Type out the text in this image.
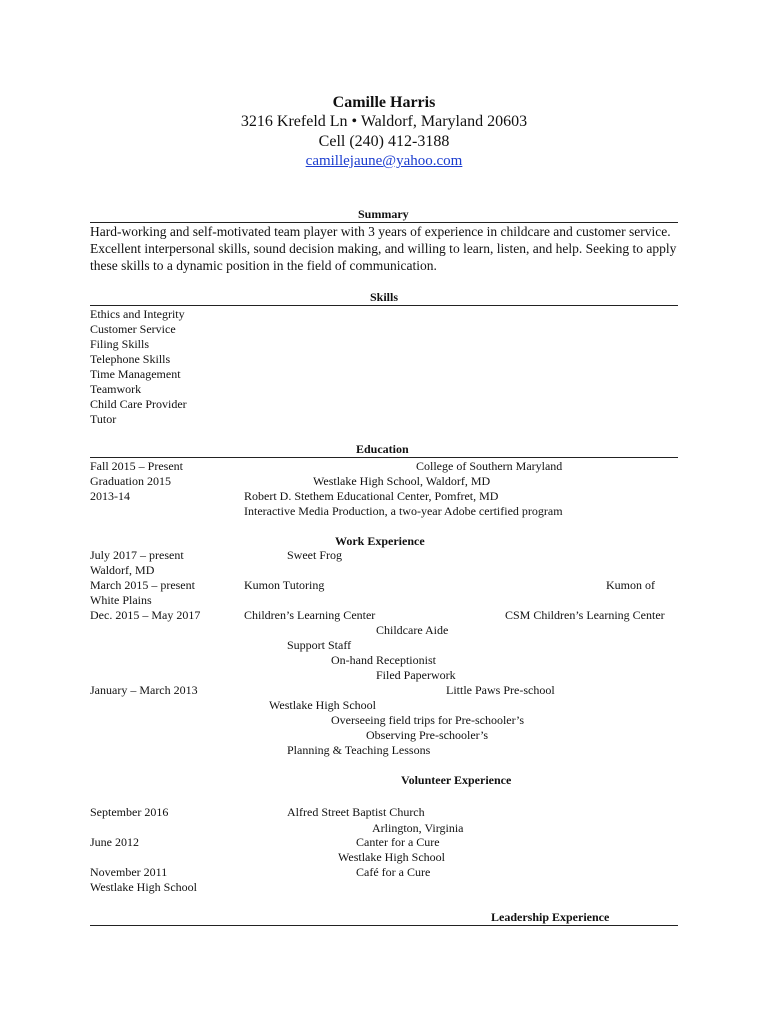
Camille Harris
3216 Krefeld Ln • Waldorf, Maryland 20603
Cell (240) 412-3188
camillejaune@yahoo.com
Summary
Hard-working and self-motivated team player with 3 years of experience in childcare and customer service. Excellent interpersonal skills, sound decision making, and willing to learn, listen, and help. Seeking to apply these skills to a dynamic position in the field of communication.
Skills
Ethics and Integrity
Customer Service
Filing Skills
Telephone Skills
Time Management
Teamwork
Child Care Provider
Tutor
Education
Fall 2015 – Present	College of Southern Maryland
Graduation 2015	Westlake High School, Waldorf, MD
2013-14	Robert D. Stethem Educational Center, Pomfret, MD
Interactive Media Production, a two-year Adobe certified program
Work Experience
July 2017 – present	Sweet Frog
Waldorf, MD
March 2015 – present	Kumon Tutoring	Kumon of
White Plains
Dec. 2015 – May 2017	Children’s Learning Center	CSM Children’s Learning Center
Childcare Aide
Support Staff
On-hand Receptionist
Filed Paperwork
January – March 2013	Little Paws Pre-school
Westlake High School
Overseeing field trips for Pre-schooler’s
Observing Pre-schooler’s
Planning & Teaching Lessons
Volunteer Experience
September 2016	Alfred Street Baptist Church
Arlington, Virginia
June 2012	Canter for a Cure
Westlake High School
November 2011	Café for a Cure
Westlake High School
Leadership Experience
